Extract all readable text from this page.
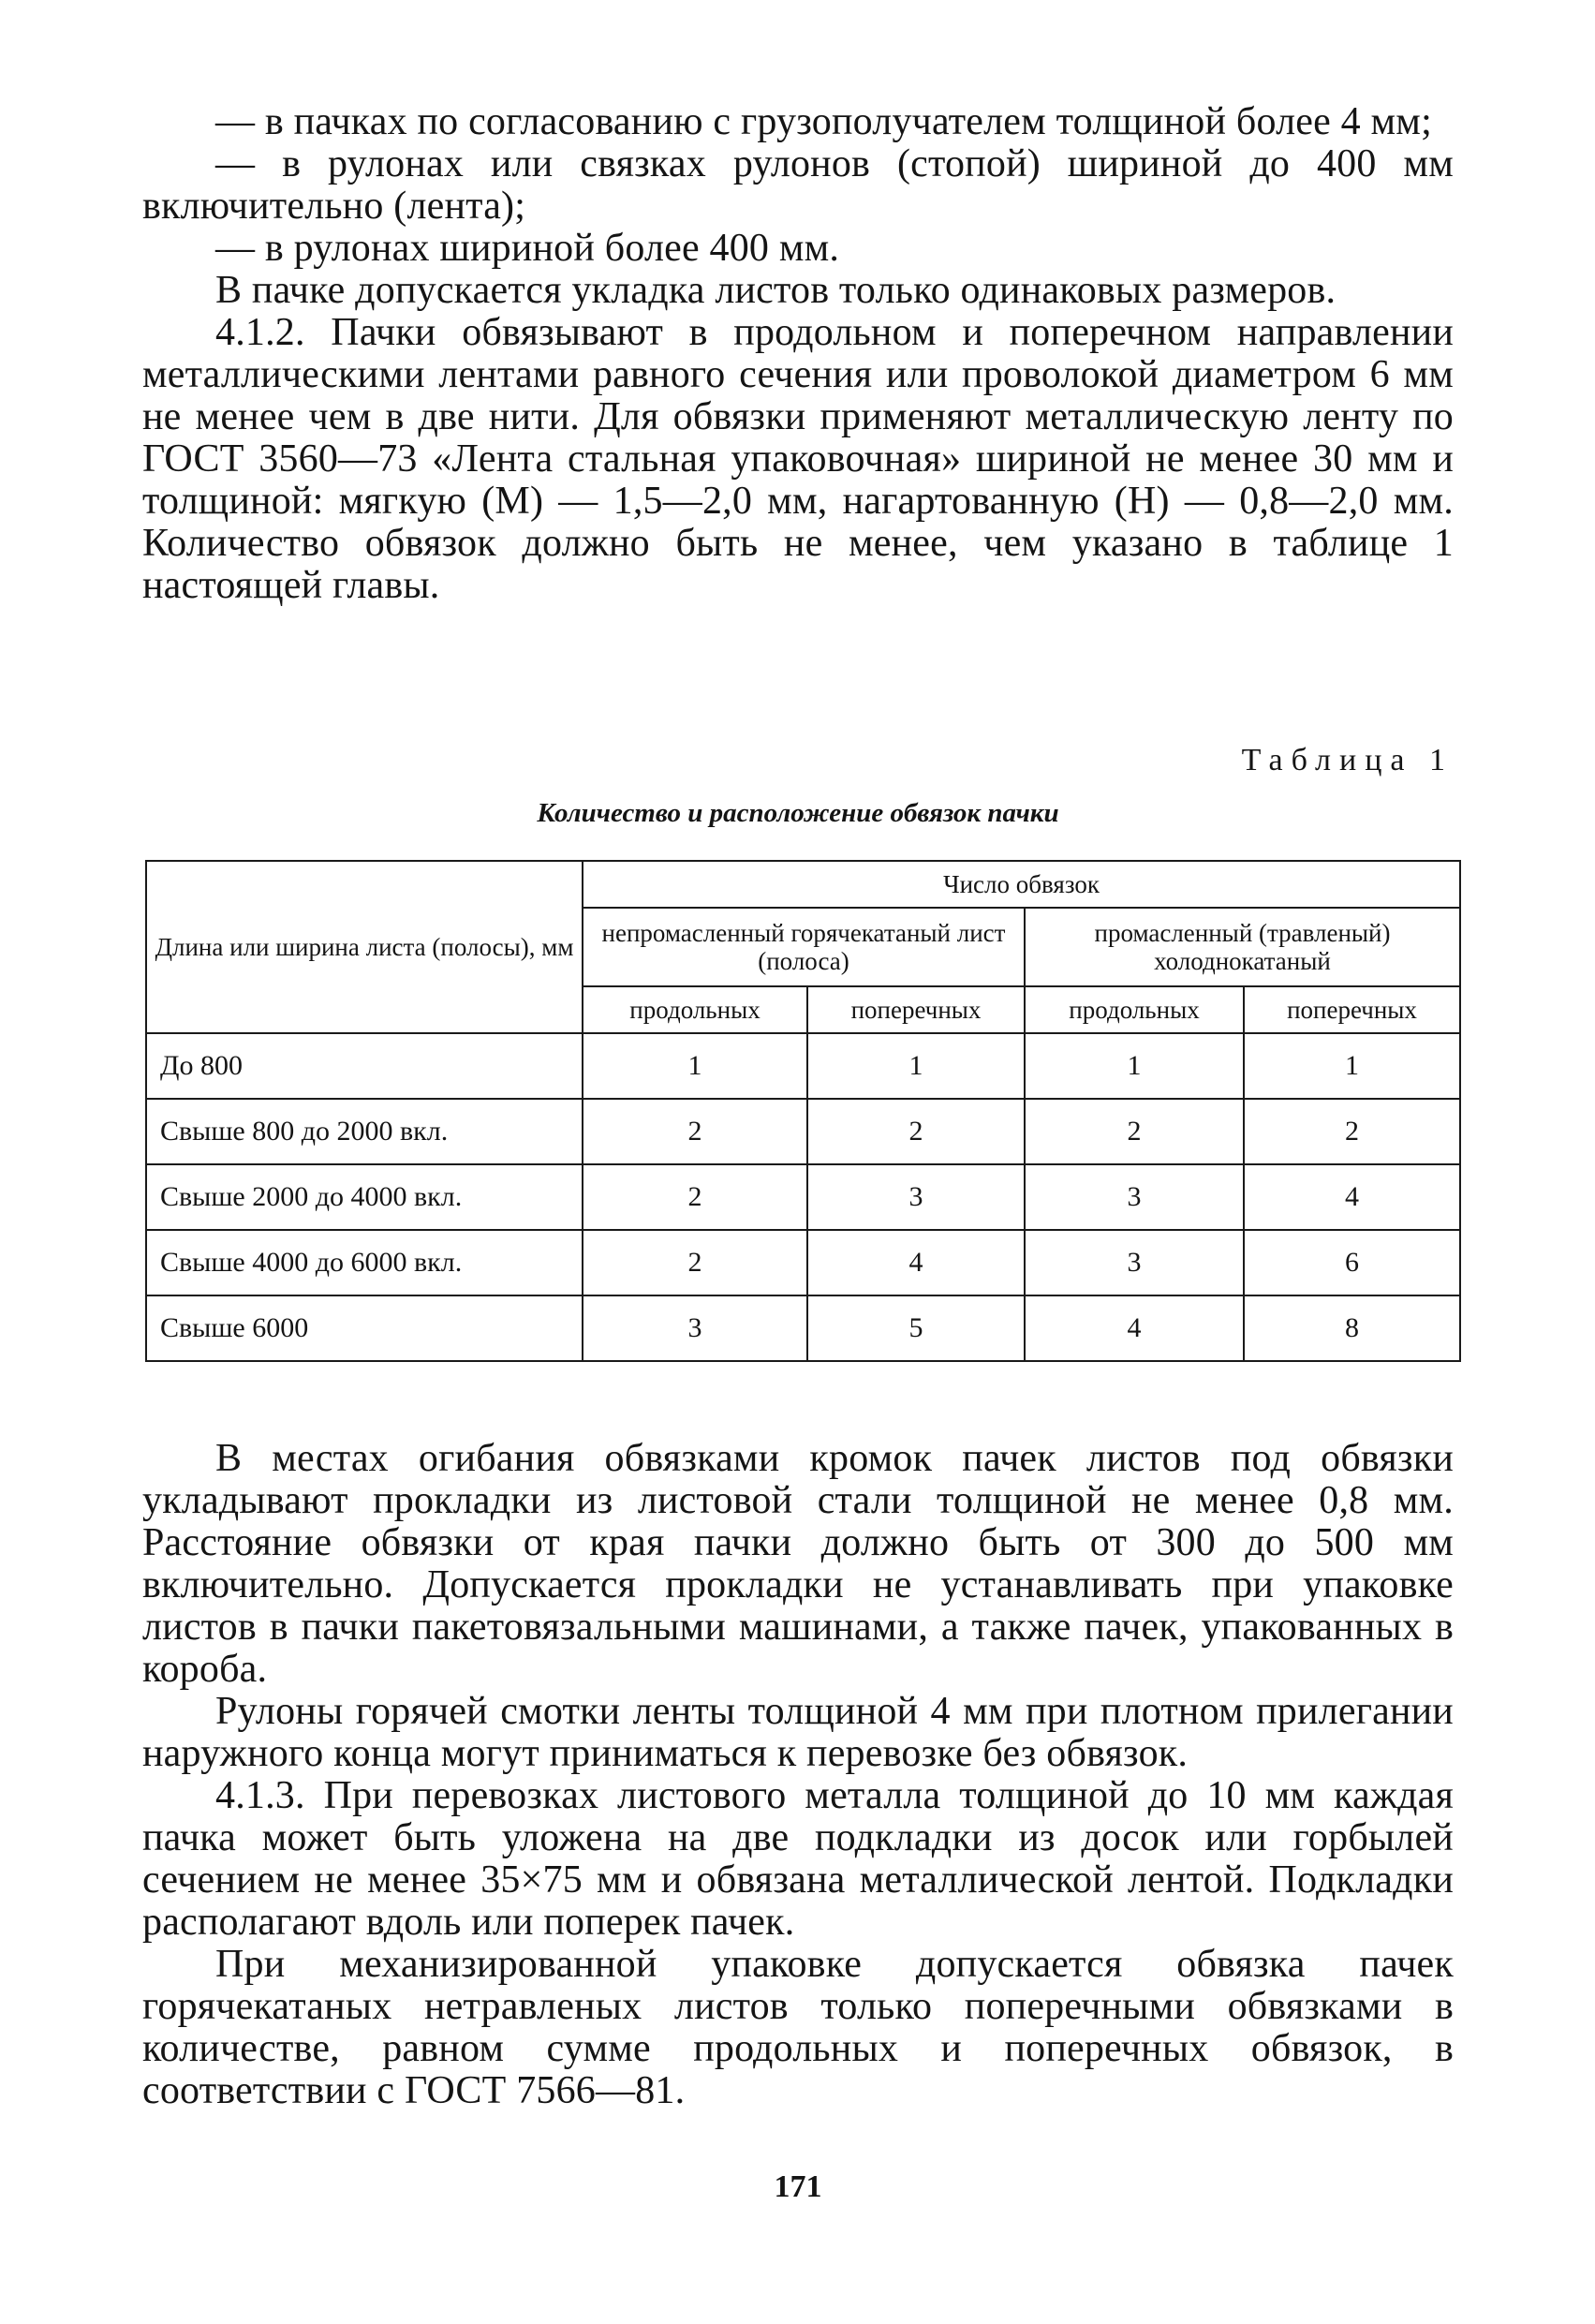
— в пачках по согласованию с грузополучателем толщиной более 4 мм;

— в рулонах или связках рулонов (стопой) шириной до 400 мм включительно (лента);

— в рулонах шириной более 400 мм.

В пачке допускается укладка листов только одинаковых размеров.

4.1.2. Пачки обвязывают в продольном и поперечном направлении металлическими лентами равного сечения или проволокой диаметром 6 мм не менее чем в две нити. Для обвязки применяют металлическую ленту по ГОСТ 3560—73 «Лента стальная упаковочная» шириной не менее 30 мм и толщиной: мягкую (М) — 1,5—2,0 мм, нагартованную (Н) — 0,8—2,0 мм. Количество обвязок должно быть не менее, чем указано в таблице 1 настоящей главы.

Таблица 1

Количество и расположение обвязок пачки

Длина или ширина листа (полосы), мм	Число обвязок			
	непромасленный горячекатаный лист (полоса)		промасленный (травленый) холоднокатаный	
	продольных	поперечных	продольных	поперечных
До 800	1	1	1	1
Свыше 800 до 2000 вкл.	2	2	2	2
Свыше 2000 до 4000 вкл.	2	3	3	4
Свыше 4000 до 6000 вкл.	2	4	3	6
Свыше 6000	3	5	4	8

В местах огибания обвязками кромок пачек листов под обвязки укладывают прокладки из листовой стали толщиной не менее 0,8 мм. Расстояние обвязки от края пачки должно быть от 300 до 500 мм включительно. Допускается прокладки не устанавливать при упаковке листов в пачки пакетовязальными машинами, а также пачек, упакованных в короба.

Рулоны горячей смотки ленты толщиной 4 мм при плотном прилегании наружного конца могут приниматься к перевозке без обвязок.

4.1.3. При перевозках листового металла толщиной до 10 мм каждая пачка может быть уложена на две подкладки из досок или горбылей сечением не менее 35×75 мм и обвязана металлической лентой. Подкладки располагают вдоль или поперек пачек.

При механизированной упаковке допускается обвязка пачек горячекатаных нетравленых листов только поперечными обвязками в количестве, равном сумме продольных и поперечных обвязок, в соответствии с ГОСТ 7566—81.

171
